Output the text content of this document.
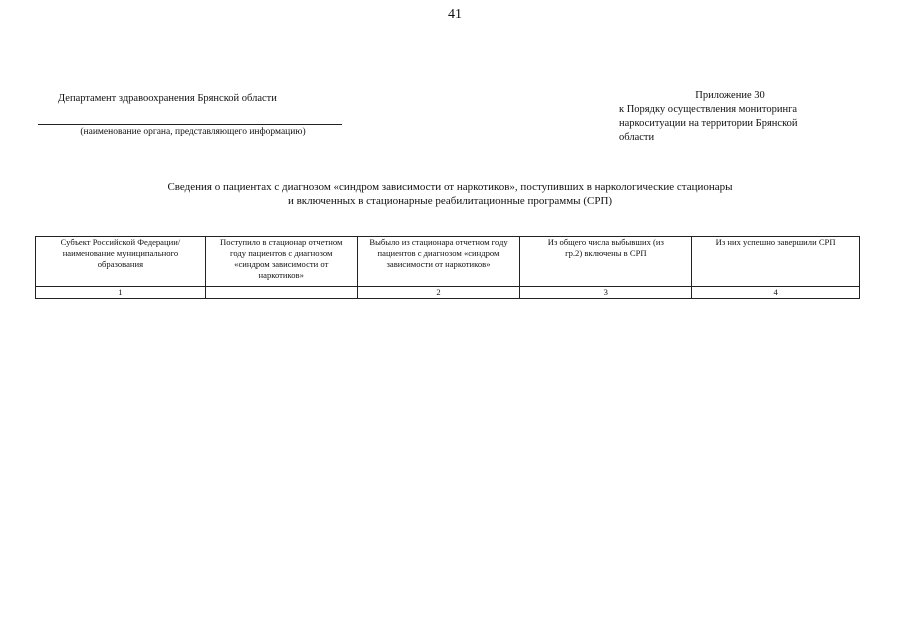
41
Департамент здравоохранения Брянской области
(наименование органа, представляющего информацию)
Приложение 30
к Порядку осуществления мониторинга
наркоситуации на территории Брянской
области
Сведения о пациентах с диагнозом «синдром зависимости от наркотиков», поступивших в наркологические стационары
и включенных в стационарные реабилитационные программы (СРП)
Субъект Российской Федерации/ наименование муниципального образования	Поступило в стационар отчетном году пациентов с диагнозом «синдром зависимости от наркотиков»	Выбыло из стационара отчетном году пациентов с диагнозом «синдром зависимости от наркотиков»	Из общего числа выбывших (из гр.2) включены в СРП	Из них успешно завершили СРП
1		2	3	4
